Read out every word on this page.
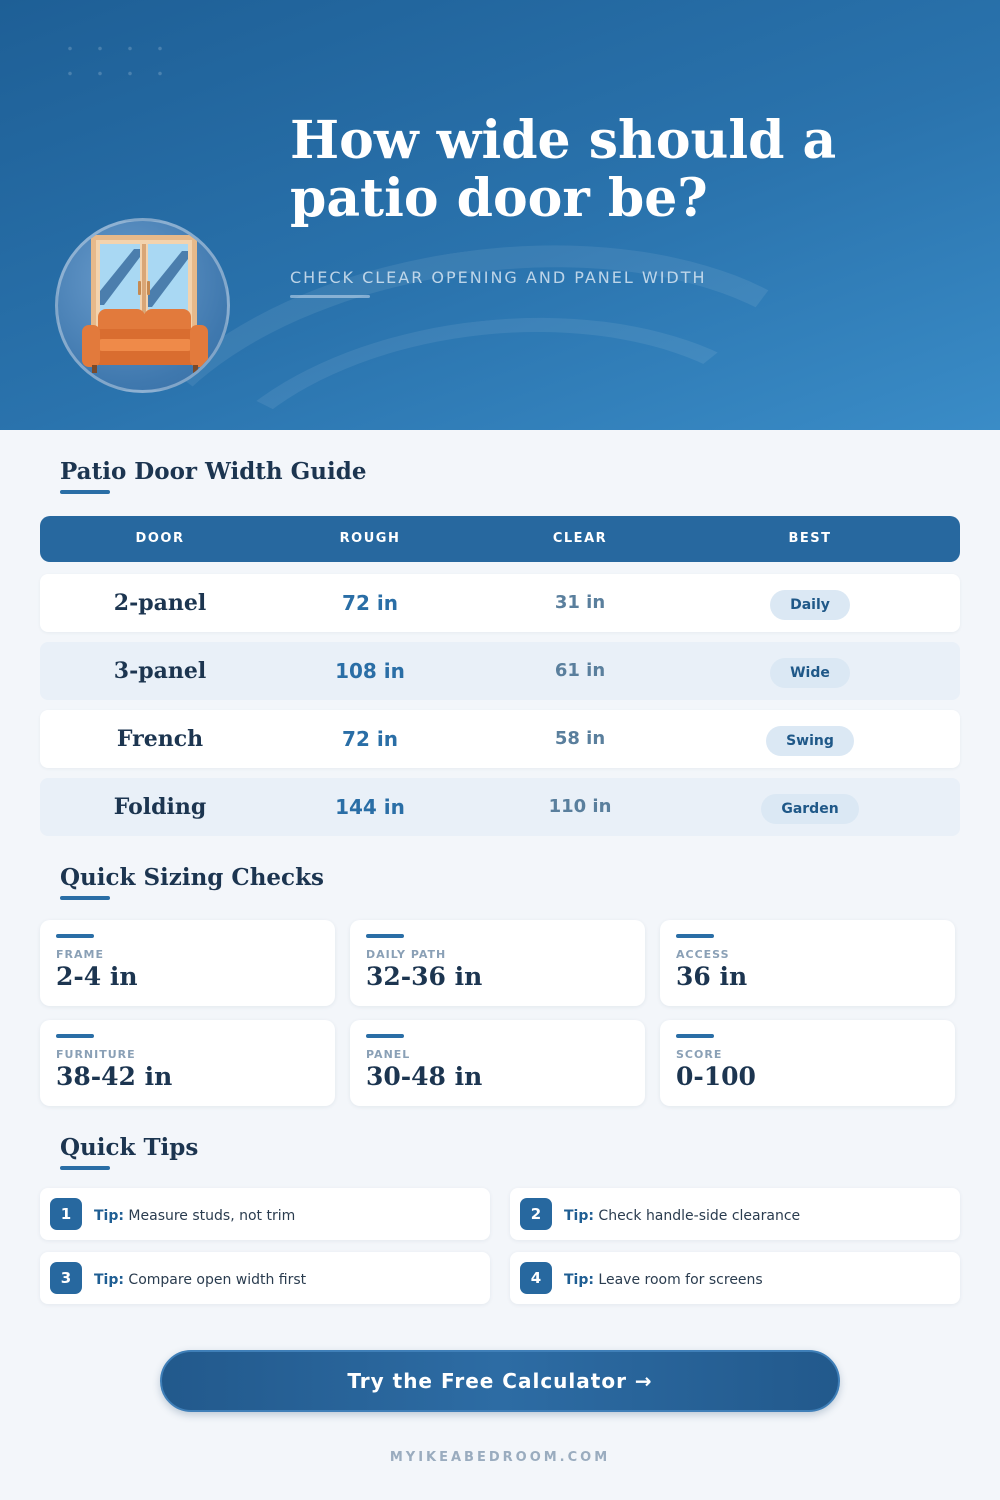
How wide should a patio door be?
CHECK CLEAR OPENING AND PANEL WIDTH
Patio Door Width Guide
DOOR	ROUGH	CLEAR	BEST
2-panel	72 in	31 in	Daily
3-panel	108 in	61 in	Wide
French	72 in	58 in	Swing
Folding	144 in	110 in	Garden
Quick Sizing Checks
FRAME
2-4 in
DAILY PATH
32-36 in
ACCESS
36 in
FURNITURE
38-42 in
PANEL
30-48 in
SCORE
0-100
Quick Tips
1	Tip: Measure studs, not trim	2	Tip: Check handle-side clearance
3	Tip: Compare open width first	4	Tip: Leave room for screens
Try the Free Calculator →
MYIKEABEDROOM.COM
